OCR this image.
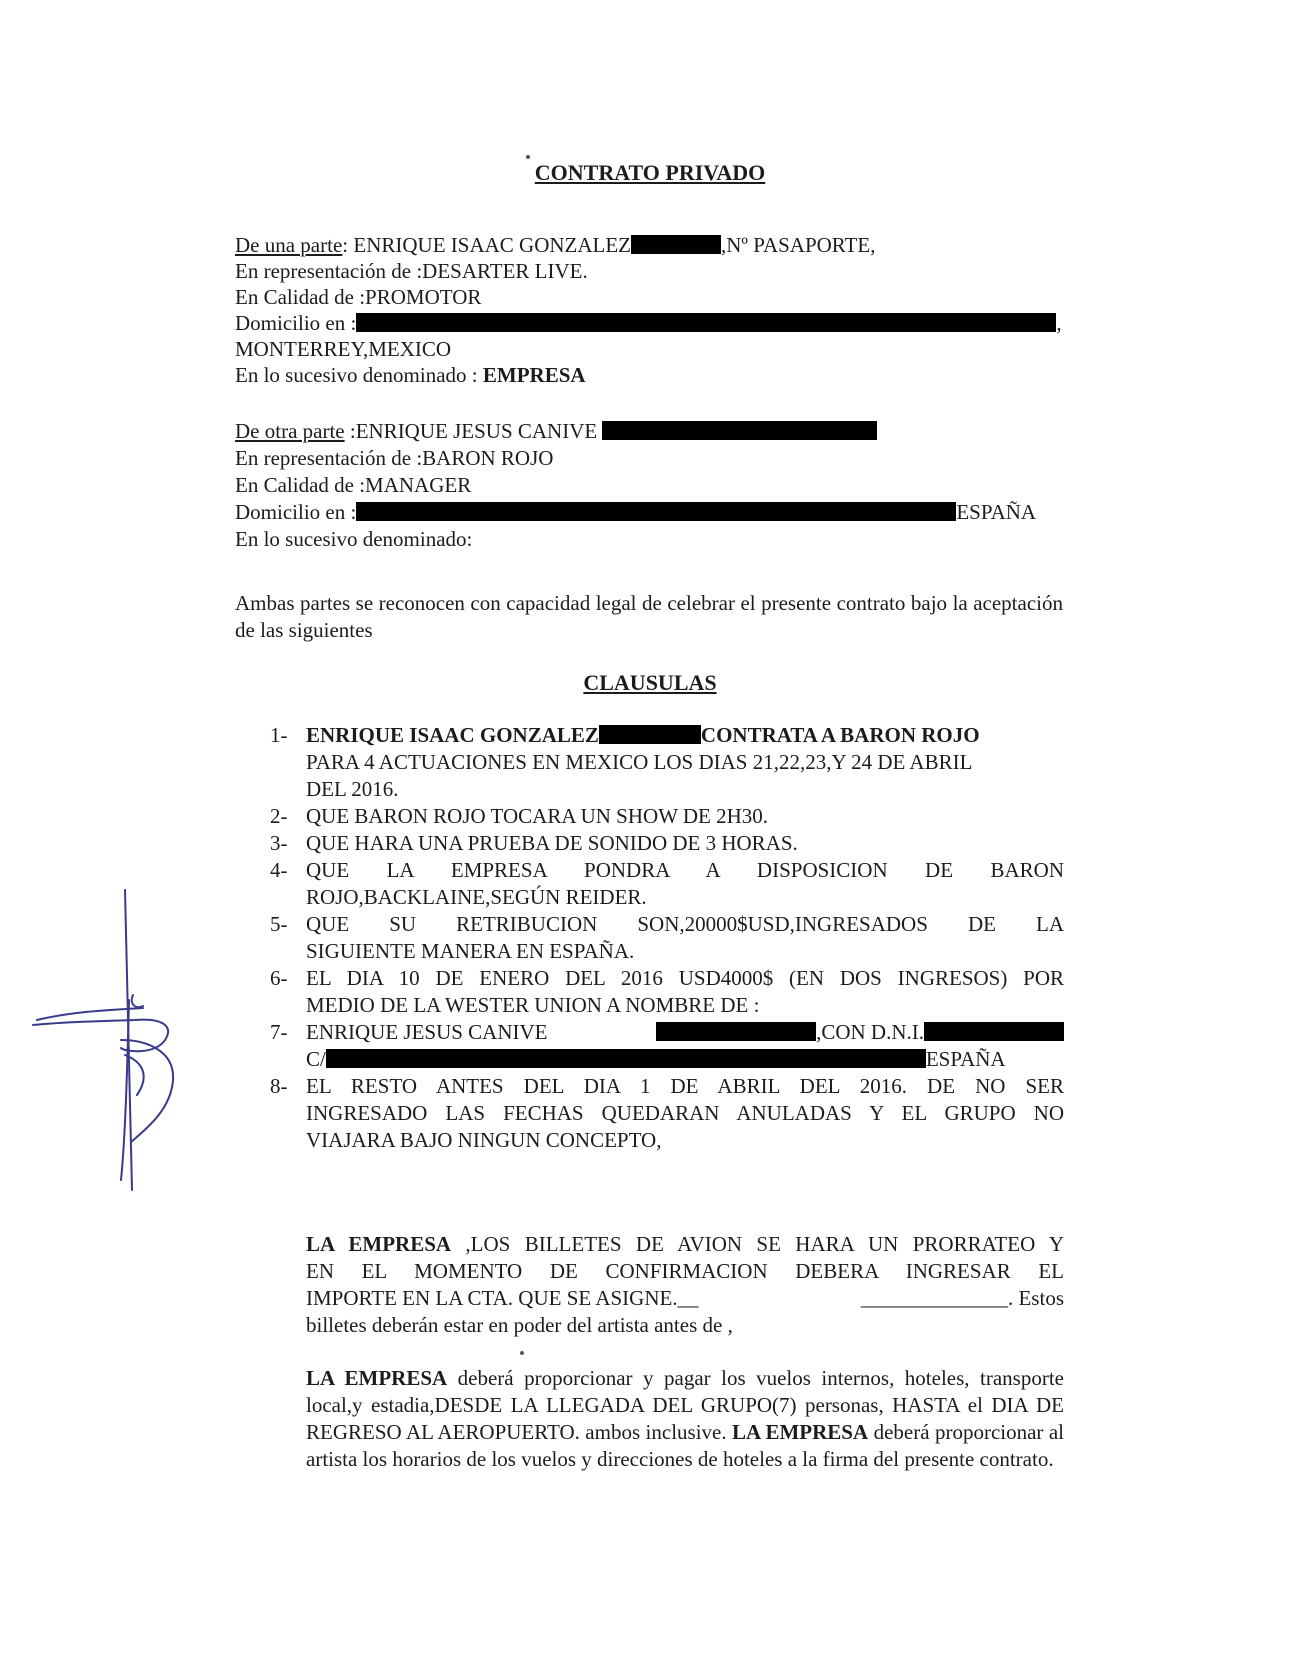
CONTRATO PRIVADO
De una parte: ENRIQUE ISAAC GONZALEZ	,Nº PASAPORTE,
En representación de :DESARTER LIVE.
En Calidad de :PROMOTOR
Domicilio en :	,
MONTERREY,MEXICO
En lo sucesivo denominado : EMPRESA
De otra parte :ENRIQUE JESUS CANIVE
En representación de :BARON ROJO
En Calidad de :MANAGER
Domicilio en :	ESPAÑA
En lo sucesivo denominado:
Ambas partes se reconocen con capacidad legal de celebrar el presente contrato bajo la aceptación de las siguientes
CLAUSULAS
1- ENRIQUE ISAAC GONZALEZ	CONTRATA A BARON ROJO
PARA 4 ACTUACIONES EN MEXICO LOS DIAS 21,22,23,Y 24 DE ABRIL
DEL 2016.
2- QUE BARON ROJO TOCARA UN SHOW DE 2H30.
3- QUE HARA UNA PRUEBA DE SONIDO DE 3 HORAS.
4- QUE LA EMPRESA PONDRA A DISPOSICION DE BARON
ROJO,BACKLAINE,SEGÚN REIDER.
5- QUE SU RETRIBUCION SON,20000$USD,INGRESADOS DE LA
SIGUIENTE MANERA EN ESPAÑA.
6- EL DIA 10 DE ENERO DEL 2016 USD4000$ (EN DOS INGRESOS) POR
MEDIO DE LA WESTER UNION A NOMBRE DE :
7- ENRIQUE JESUS CANIVE	,CON D.N.I.
C/	ESPAÑA
8- EL RESTO ANTES DEL DIA 1 DE ABRIL DEL 2016. DE NO SER
INGRESADO LAS FECHAS QUEDARAN ANULADAS Y EL GRUPO NO
VIAJARA BAJO NINGUN CONCEPTO,
LA EMPRESA ,LOS BILLETES DE AVION SE HARA UN PRORRATEO Y
EN EL MOMENTO DE CONFIRMACION DEBERA INGRESAR EL
IMPORTE EN LA CTA. QUE SE ASIGNE.__	______________. Estos
billetes deberán estar en poder del artista antes de ,
LA EMPRESA deberá proporcionar y pagar los vuelos internos, hoteles, transporte local,y estadia,DESDE LA LLEGADA DEL GRUPO(7) personas, HASTA el DIA DE REGRESO AL AEROPUERTO. ambos inclusive. LA EMPRESA deberá proporcionar al artista los horarios de los vuelos y direcciones de hoteles a la firma del presente contrato.
